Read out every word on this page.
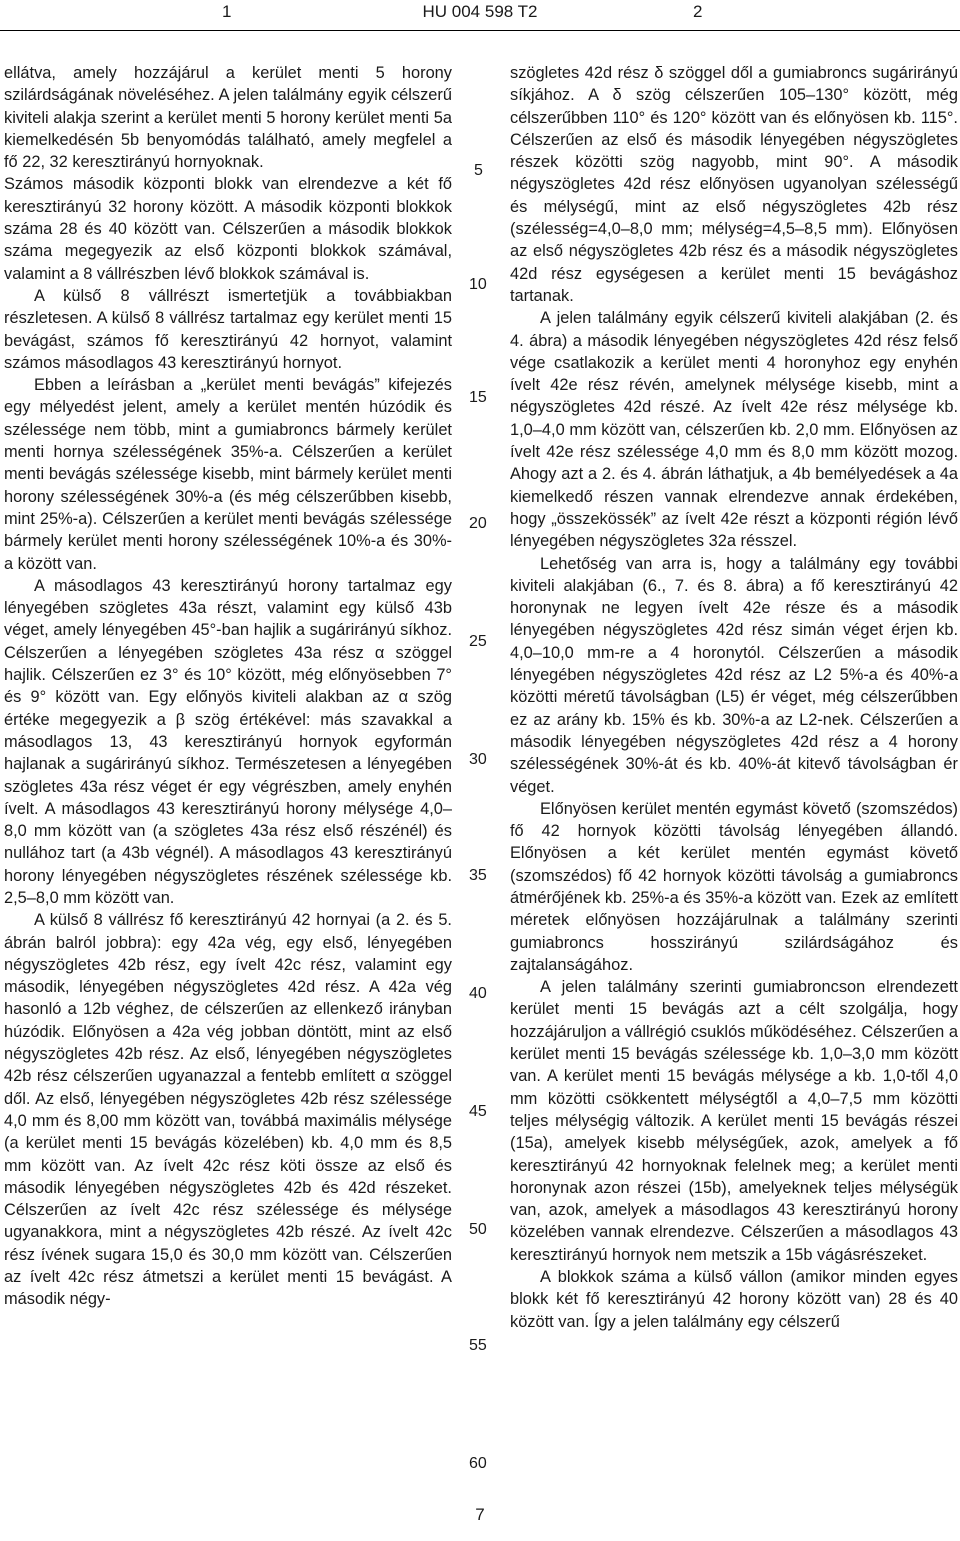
1	HU 004 598 T2	2

ellátva, amely hozzájárul a kerület menti 5 horony szilárdságának növeléséhez. A jelen találmány egyik célszerű kiviteli alakja szerint a kerület menti 5 horony kerület menti 5a kiemelkedésén 5b benyomódás található, amely megfelel a fő 22, 32 keresztirányú hornyoknak.

Számos második központi blokk van elrendezve a két fő keresztirányú 32 horony között. A második központi blokkok száma 28 és 40 között van. Célszerűen a második blokkok száma megegyezik az első központi blokkok számával, valamint a 8 vállrészben lévő blokkok számával is.

A külső 8 vállrészt ismertetjük a továbbiakban részletesen. A külső 8 vállrész tartalmaz egy kerület menti 15 bevágást, számos fő keresztirányú 42 hornyot, valamint számos másodlagos 43 keresztirányú hornyot.

Ebben a leírásban a „kerület menti bevágás” kifejezés egy mélyedést jelent, amely a kerület mentén húzódik és szélessége nem több, mint a gumiabroncs bármely kerület menti hornya szélességének 35%-a. Célszerűen a kerület menti bevágás szélessége kisebb, mint bármely kerület menti horony szélességének 30%-a (és még célszerűbben kisebb, mint 25%-a). Célszerűen a kerület menti bevágás szélessége bármely kerület menti horony szélességének 10%-a és 30%-a között van.

A másodlagos 43 keresztirányú horony tartalmaz egy lényegében szögletes 43a részt, valamint egy külső 43b véget, amely lényegében 45°-ban hajlik a sugárirányú síkhoz. Célszerűen a lényegében szögletes 43a rész α szöggel hajlik. Célszerűen ez 3° és 10° között, még előnyösebben 7° és 9° között van. Egy előnyös kiviteli alakban az α szög értéke megegyezik a β szög értékével: más szavakkal a másodlagos 13, 43 keresztirányú hornyok egyformán hajlanak a sugárirányú síkhoz. Természetesen a lényegében szögletes 43a rész véget ér egy végrészben, amely enyhén ívelt. A másodlagos 43 keresztirányú horony mélysége 4,0–8,0 mm között van (a szögletes 43a rész első részénél) és nullához tart (a 43b végnél). A másodlagos 43 keresztirányú horony lényegében négyszögletes részének szélessége kb. 2,5–8,0 mm között van.

A külső 8 vállrész fő keresztirányú 42 hornyai (a 2. és 5. ábrán balról jobbra): egy 42a vég, egy első, lényegében négyszögletes 42b rész, egy ívelt 42c rész, valamint egy második, lényegében négyszögletes 42d rész. A 42a vég hasonló a 12b véghez, de célszerűen az ellenkező irányban húzódik. Előnyösen a 42a vég jobban döntött, mint az első négyszögletes 42b rész. Az első, lényegében négyszögletes 42b rész célszerűen ugyanazzal a fentebb említett α szöggel dől. Az első, lényegében négyszögletes 42b rész szélessége 4,0 mm és 8,00 mm között van, továbbá maximális mélysége (a kerület menti 15 bevágás közelében) kb. 4,0 mm és 8,5 mm között van. Az ívelt 42c rész köti össze az első és második lényegében négyszögletes 42b és 42d részeket. Célszerűen az ívelt 42c rész szélessége és mélysége ugyanakkora, mint a négyszögletes 42b részé. Az ívelt 42c rész ívének sugara 15,0 és 30,0 mm között van. Célszerűen az ívelt 42c rész átmetszi a kerület menti 15 bevágást. A második négy-

szögletes 42d rész δ szöggel dől a gumiabroncs sugárirányú síkjához. A δ szög célszerűen 105–130° között, még célszerűbben 110° és 120° között van és előnyösen kb. 115°. Célszerűen az első és második lényegében négyszögletes részek közötti szög nagyobb, mint 90°. A második négyszögletes 42d rész előnyösen ugyanolyan szélességű és mélységű, mint az első négyszögletes 42b rész (szélesség=4,0–8,0 mm; mélység=4,5–8,5 mm). Előnyösen az első négyszögletes 42b rész és a második négyszögletes 42d rész egységesen a kerület menti 15 bevágáshoz tartanak.

A jelen találmány egyik célszerű kiviteli alakjában (2. és 4. ábra) a második lényegében négyszögletes 42d rész felső vége csatlakozik a kerület menti 4 horonyhoz egy enyhén ívelt 42e rész révén, amelynek mélysége kisebb, mint a négyszögletes 42d részé. Az ívelt 42e rész mélysége kb. 1,0–4,0 mm között van, célszerűen kb. 2,0 mm. Előnyösen az ívelt 42e rész szélessége 4,0 mm és 8,0 mm között mozog. Ahogy azt a 2. és 4. ábrán láthatjuk, a 4b bemélyedések a 4a kiemelkedő részen vannak elrendezve annak érdekében, hogy „összekössék” az ívelt 42e részt a központi régión lévő lényegében négyszögletes 32a résszel.

Lehetőség van arra is, hogy a találmány egy további kiviteli alakjában (6., 7. és 8. ábra) a fő keresztirányú 42 horonynak ne legyen ívelt 42e része és a második lényegében négyszögletes 42d rész simán véget érjen kb. 4,0–10,0 mm-re a 4 horonytól. Célszerűen a második lényegében négyszögletes 42d rész az L2 5%-a és 40%-a közötti méretű távolságban (L5) ér véget, még célszerűbben ez az arány kb. 15% és kb. 30%-a az L2-nek. Célszerűen a második lényegében négyszögletes 42d rész a 4 horony szélességének 30%-át és kb. 40%-át kitevő távolságban ér véget.

Előnyösen kerület mentén egymást követő (szomszédos) fő 42 hornyok közötti távolság lényegében állandó. Előnyösen a két kerület mentén egymást követő (szomszédos) fő 42 hornyok közötti távolság a gumiabroncs átmérőjének kb. 25%-a és 35%-a között van. Ezek az említett méretek előnyösen hozzájárulnak a találmány szerinti gumiabroncs hosszirányú szilárdságához és zajtalanságához.

A jelen találmány szerinti gumiabroncson elrendezett kerület menti 15 bevágás azt a célt szolgálja, hogy hozzájáruljon a vállrégió csuklós működéséhez. Célszerűen a kerület menti 15 bevágás szélessége kb. 1,0–3,0 mm között van. A kerület menti 15 bevágás mélysége a kb. 1,0-től 4,0 mm közötti csökkentett mélységtől a 4,0–7,5 mm közötti teljes mélységig változik. A kerület menti 15 bevágás részei (15a), amelyek kisebb mélységűek, azok, amelyek a fő keresztirányú 42 hornyoknak felelnek meg; a kerület menti horonynak azon részei (15b), amelyeknek teljes mélységük van, azok, amelyek a másodlagos 43 keresztirányú horony közelében vannak elrendezve. Célszerűen a másodlagos 43 keresztirányú hornyok nem metszik a 15b vágásrészeket.

A blokkok száma a külső vállon (amikor minden egyes blokk két fő keresztirányú 42 horony között van) 28 és 40 között van. Így a jelen találmány egy célszerű

5
10
15
20
25
30
35
40
45
50
55
60
7
